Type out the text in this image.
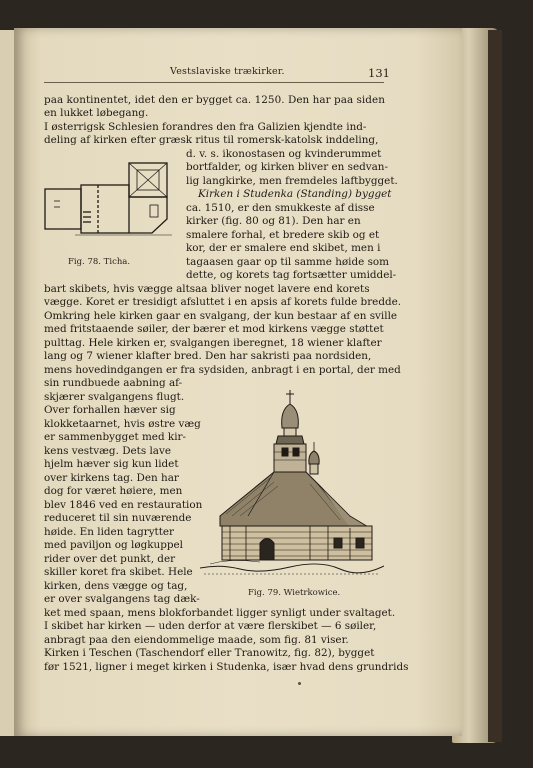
Vestslaviske trækirker.	131
paa kontinentet, idet den er bygget ca. 1250. Den har paa siden
en lukket løbegang.
I østerrigsk Schlesien forandres den fra Galizien kjendte ind-
deling af kirken efter græsk ritus til romersk-katolsk inddeling,
d. v. s. ikonostasen og kvinderummet
bortfalder, og kirken bliver en sedvan-
lig langkirke, men fremdeles laftbygget.
Kirken i Studenka (Standing) bygget
ca. 1510, er den smukkeste af disse
kirker (fig. 80 og 81). Den har en
smalere forhal, et bredere skib og et
kor, der er smalere end skibet, men i
tagaasen gaar op til samme høide som
dette, og korets tag fortsætter umiddel-
bart skibets, hvis vægge altsaa bliver noget lavere end korets
vægge. Koret er tresidigt afsluttet i en apsis af korets fulde bredde.
Omkring hele kirken gaar en svalgang, der kun bestaar af en svillе
med fritstaaende søiler, der bærer et mod kirkens vægge støttet
pulttag. Hele kirken er, svalgangen iberegnet, 18 wiener klafter
lang og 7 wiener klafter bred. Den har sakristi paa nordsiden,
mens hovedindgangen er fra sydsiden, anbragt i en portal, der med
sin rundbuede aabning af-
skjærer svalgangens flugt.
Over forhallen hæver sig
klokketaarnet, hvis østre væg
er sammenbygget med kir-
kens vestvæg. Dets lave
hjelm hæver sig kun lidet
over kirkens tag. Den har
dog for været høiere, men
blev 1846 ved en restauration
reduceret til sin nuværende
høide. En liden tagrytter
med paviljon og løgkuppel
rider over det punkt, der
skiller koret fra skibet. Hele
kirken, dens vægge og tag,
er over svalgangens tag dæk-
ket med spaan, mens blokforbandet ligger synligt under svaltaget.
I skibet har kirken — uden derfor at være flerskibet — 6 søiler,
anbragt paa den eiendommelige maade, som fig. 81 viser.
Kirken i Teschen (Taschendorf eller Tranowitz, fig. 82), bygget
før 1521, ligner i meget kirken i Studenka, især hvad dens grundrids
Fig. 78. Ticha.
Fig. 79. Wietrkowice.
